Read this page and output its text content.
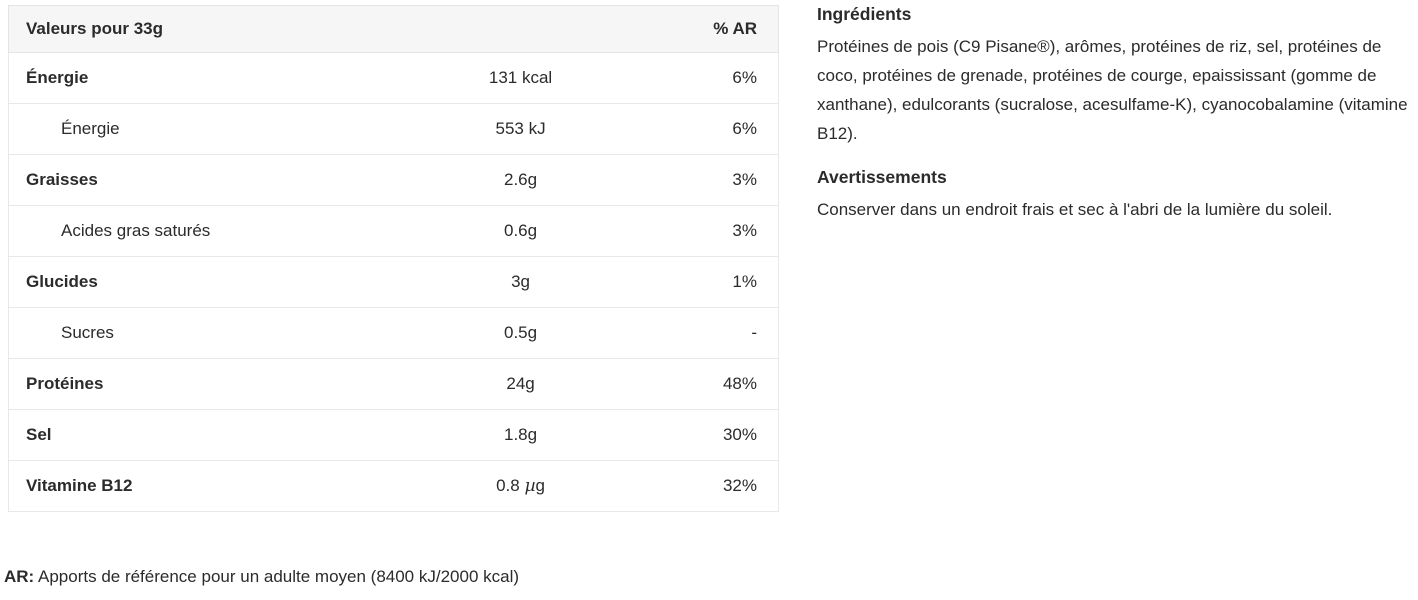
Valeurs pour 33g		% AR
Énergie	131 kcal	6%
Énergie	553 kJ	6%
Graisses	2.6g	3%
Acides gras saturés	0.6g	3%
Glucides	3g	1%
Sucres	0.5g	-
Protéines	24g	48%
Sel	1.8g	30%
Vitamine B12	0.8 µg	32%
AR: Apports de référence pour un adulte moyen (8400 kJ/2000 kcal)
Ingrédients

Protéines de pois (C9 Pisane®), arômes, protéines de riz, sel, protéines de coco, protéines de grenade, protéines de courge, epaississant (gomme de xanthane), edulcorants (sucralose, acesulfame-K), cyanocobalamine (vitamine B12).

Avertissements

Conserver dans un endroit frais et sec à l'abri de la lumière du soleil.
